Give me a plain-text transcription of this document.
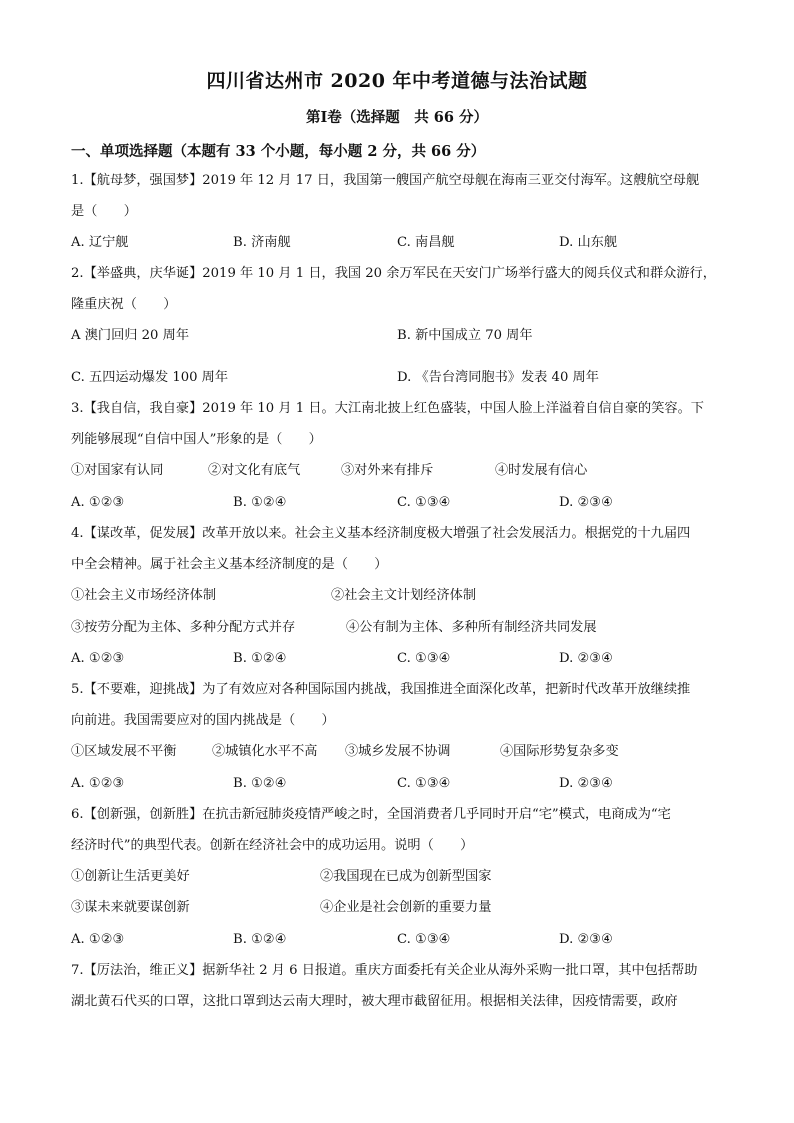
四川省达州市 2020 年中考道德与法治试题
第Ⅰ卷（选择题　共 66 分）
一、单项选择题（本题有 33 个小题，每小题 2 分，共 66 分）
1.【航母梦，强国梦】2019 年 12 月 17 日，我国第一艘国产航空母舰在海南三亚交付海军。这艘航空母舰
是（　　）
A. 辽宁舰	B. 济南舰	C. 南昌舰	D. 山东舰
2.【举盛典，庆华诞】2019 年 10 月 1 日，我国 20 余万军民在天安门广场举行盛大的阅兵仪式和群众游行，
隆重庆祝（　　）
A 澳门回归 20 周年	B. 新中国成立 70 周年
C. 五四运动爆发 100 周年	D. 《告台湾同胞书》发表 40 周年
3.【我自信，我自豪】2019 年 10 月 1 日。大江南北披上红色盛装，中国人脸上洋溢着自信自豪的笑容。下
列能够展现“自信中国人”形象的是（　　）
①对国家有认同	②对文化有底气	③对外来有排斥	④时发展有信心
A. ①②③	B. ①②④	C. ①③④	D. ②③④
4.【谋改革，促发展】改革开放以来。社会主义基本经济制度极大增强了社会发展活力。根据党的十九届四
中全会精神。属于社会主义基本经济制度的是（　　）
①社会主义市场经济体制	②社会主文计划经济体制
③按劳分配为主体、多种分配方式并存	④公有制为主体、多种所有制经济共同发展
A. ①②③	B. ①②④	C. ①③④	D. ②③④
5.【不要难，迎挑战】为了有效应对各种国际国内挑战，我国推进全面深化改革，把新时代改革开放继续推
向前进。我国需要应对的国内挑战是（　　）
①区域发展不平衡	②城镇化水平不高 ③城乡发展不协调	④国际形势复杂多变
A. ①②③	B. ①②④	C. ①③④	D. ②③④
6.【创新强，创新胜】在抗击新冠肺炎疫情严峻之时，全国消费者几乎同时开启“宅”模式，电商成为“宅
经济时代”的典型代表。创新在经济社会中的成功运用。说明（　　）
①创新让生活更美好	②我国现在已成为创新型国家
③谋未来就要谋创新	④企业是社会创新的重要力量
A. ①②③	B. ①②④	C. ①③④	D. ②③④
7.【厉法治，维正义】据新华社 2 月 6 日报道。重庆方面委托有关企业从海外采购一批口罩，其中包括帮助
湖北黄石代买的口罩，这批口罩到达云南大理时，被大理市截留征用。根据相关法律，因疫情需要，政府
